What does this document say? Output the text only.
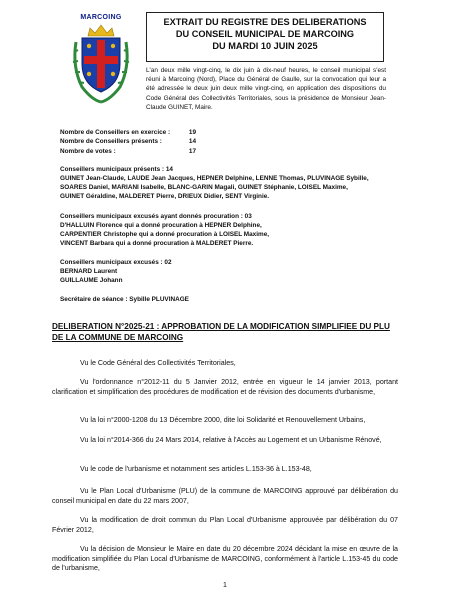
MARCOING	EXTRAIT DU REGISTRE DES DELIBERATIONS
DU CONSEIL MUNICIPAL DE MARCOING
DU MARDI 10 JUIN 2025
L'an deux mille vingt-cinq, le dix juin à dix-neuf heures, le conseil municipal s'est réuni à Marcoing (Nord), Place du Général de Gaulle, sur la convocation qui leur a été adressée le deux juin deux mille vingt-cinq, en application des dispositions du Code Général des Collectivités Territoriales, sous la présidence de Monsieur Jean-Claude GUINET, Maire.
Nombre de Conseillers en exercice :	19
Nombre de Conseillers présents :	14
Nombre de votes :	17
Conseillers municipaux présents : 14
GUINET Jean-Claude, LAUDE Jean Jacques, HEPNER Delphine, LENNE Thomas, PLUVINAGE Sybille,
SOARES Daniel, MARIANI Isabelle, BLANC-GARIN Magali, GUINET Stéphanie, LOISEL Maxime,
GUINET Géraldine, MALDERET Pierre, DRIEUX Didier, SENT Virginie.
Conseillers municipaux excusés ayant donnés procuration : 03
D'HALLUIN Florence qui a donné procuration à HEPNER Delphine,
CARPENTIER Christophe qui a donné procuration à LOISEL Maxime,
VINCENT Barbara qui a donné procuration à MALDERET Pierre.
Conseillers municipaux excusés : 02
BERNARD Laurent
GUILLAUME Johann
Secrétaire de séance : Sybille PLUVINAGE
DELIBERATION N°2025-21 : APPROBATION DE LA MODIFICATION SIMPLIFIEE DU PLU DE LA COMMUNE DE MARCOING
Vu le Code Général des Collectivités Territoriales,
Vu l'ordonnance n°2012-11 du 5 Janvier 2012, entrée en vigueur le 14 janvier 2013, portant clarification et simplification des procédures de modification et de révision des documents d'urbanisme,
Vu la loi n°2000-1208 du 13 Décembre 2000, dite loi Solidarité et Renouvellement Urbains,
Vu la loi n°2014-366 du 24 Mars 2014, relative à l'Accès au Logement et un Urbanisme Rénové,
Vu le code de l'urbanisme et notamment ses articles L.153-36 à L.153-48,
Vu le Plan Local d'Urbanisme (PLU) de la commune de MARCOING approuvé par délibération du conseil municipal en date du 22 mars 2007,
Vu la modification de droit commun du Plan Local d'Urbanisme approuvée par délibération du 07 Février 2012,
Vu la décision de Monsieur le Maire en date du 20 décembre 2024 décidant la mise en œuvre de la modification simplifiée du Plan Local d'Urbanisme de MARCOING, conformément à l'article L.153-45 du code de l'urbanisme,
1
